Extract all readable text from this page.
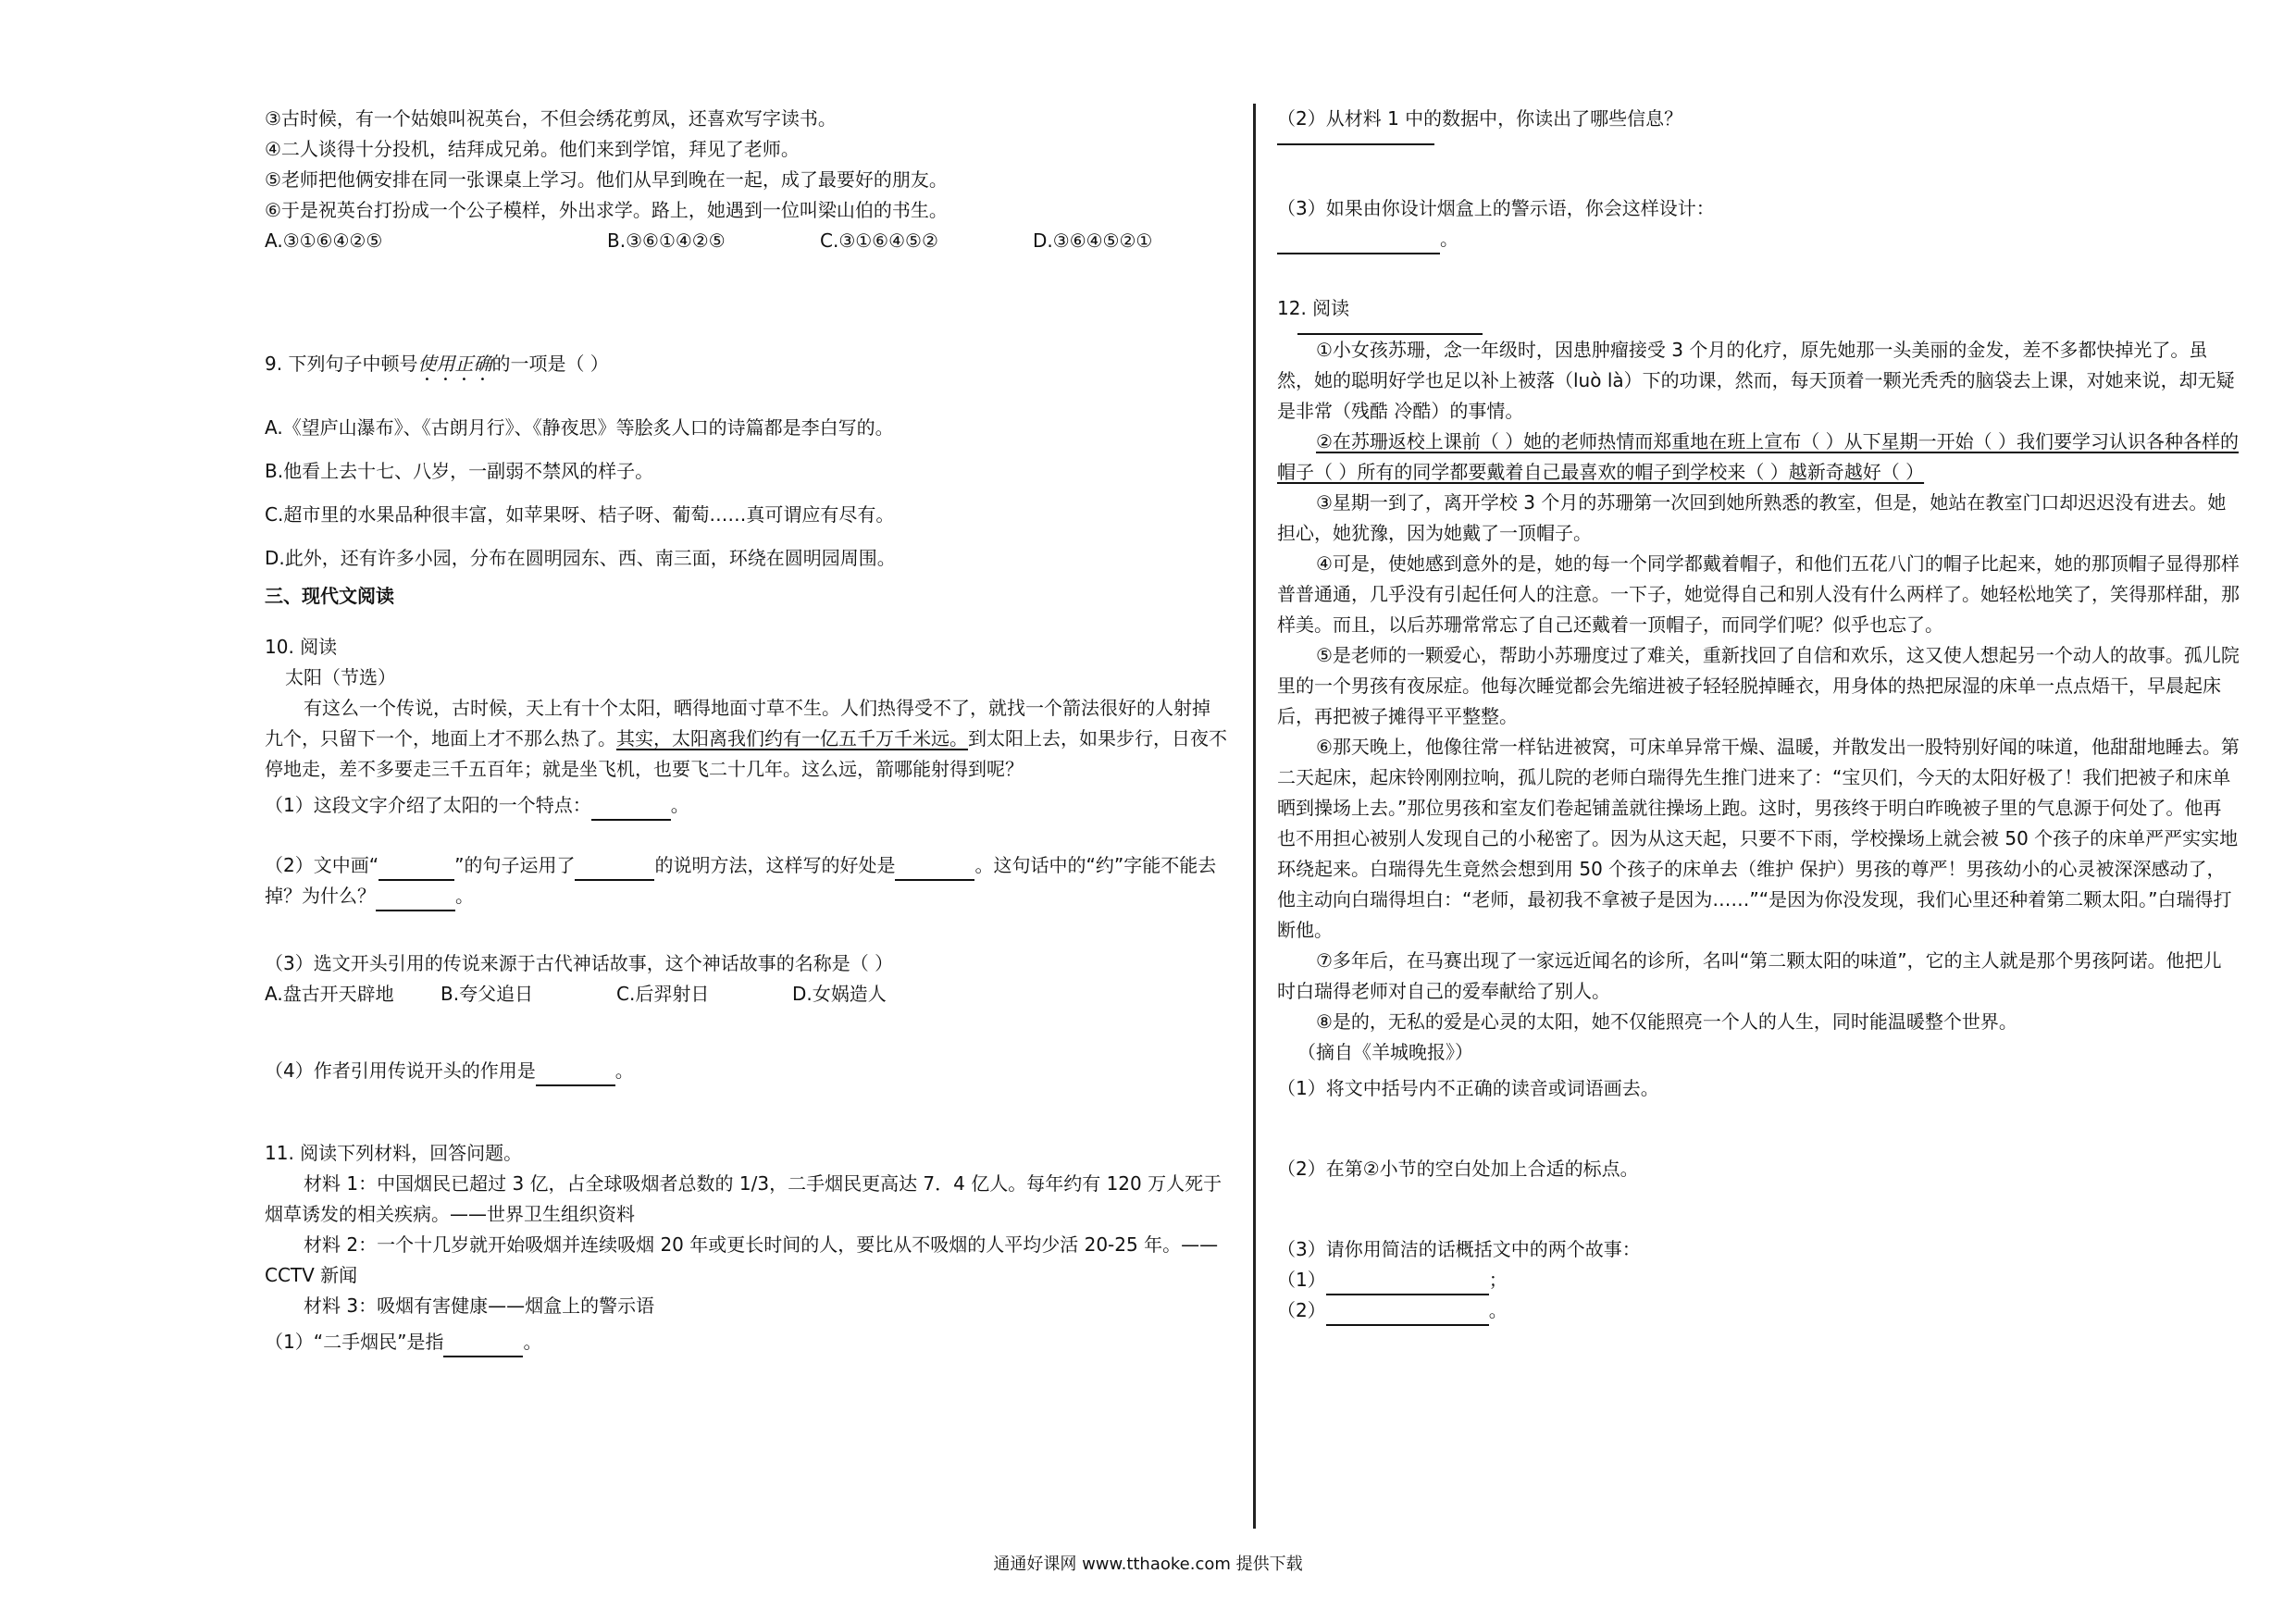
③古时候，有一个姑娘叫祝英台，不但会绣花剪凤，还喜欢写字读书。

④二人谈得十分投机，结拜成兄弟。他们来到学馆，拜见了老师。

⑤老师把他俩安排在同一张课桌上学习。他们从早到晚在一起，成了最要好的朋友。

⑥于是祝英台打扮成一个公子模样，外出求学。路上，她遇到一位叫梁山伯的书生。

A.③①⑥④②⑤	B.③⑥①④②⑤	C.③①⑥④⑤②	D.③⑥④⑤②①

9. 下列句子中顿号使用正确的一项是（ ）

A.《望庐山瀑布》、《古朗月行》、《静夜思》等脍炙人口的诗篇都是李白写的。

B.他看上去十七、八岁，一副弱不禁风的样子。

C.超市里的水果品种很丰富，如苹果呀、桔子呀、葡萄……真可谓应有尽有。

D.此外，还有许多小园，分布在圆明园东、西、南三面，环绕在圆明园周围。

三、现代文阅读

10. 阅读

太阳（节选）

有这么一个传说，古时候，天上有十个太阳，晒得地面寸草不生。人们热得受不了，就找一个箭法很好的人射掉九个，只留下一个，地面上才不那么热了。其实，太阳离我们约有一亿五千万千米远。到太阳上去，如果步行，日夜不停地走，差不多要走三千五百年；就是坐飞机，也要飞二十几年。这么远，箭哪能射得到呢？

（1）这段文字介绍了太阳的一个特点：	。

（2）文中画“	”的句子运用了	的说明方法，这样写的好处是	。这句话中的“约”字能不能去掉？为什么？	。

（3）选文开头引用的传说来源于古代神话故事，这个神话故事的名称是（ ）

A.盘古开天辟地	B.夸父追日	C.后羿射日	D.女娲造人

（4）作者引用传说开头的作用是	。

11. 阅读下列材料，回答问题。

材料 1：中国烟民已超过 3 亿，占全球吸烟者总数的 1/3，二手烟民更高达 7．4 亿人。每年约有 120 万人死于烟草诱发的相关疾病。——世界卫生组织资料

材料 2：一个十几岁就开始吸烟并连续吸烟 20 年或更长时间的人，要比从不吸烟的人平均少活 20-25 年。——CCTV 新闻

材料 3：吸烟有害健康——烟盒上的警示语

（1）“二手烟民”是指	。

（2）从材料 1 中的数据中，你读出了哪些信息？

（3）如果由你设计烟盒上的警示语，你会这样设计：

。

12. 阅读

①小女孩苏珊，念一年级时，因患肿瘤接受 3 个月的化疗，原先她那一头美丽的金发，差不多都快掉光了。虽然，她的聪明好学也足以补上被落（luò là）下的功课，然而，每天顶着一颗光秃秃的脑袋去上课，对她来说，却无疑是非常（残酷 冷酷）的事情。

②在苏珊返校上课前（ ）她的老师热情而郑重地在班上宣布（ ）从下星期一开始（ ）我们要学习认识各种各样的帽子（ ）所有的同学都要戴着自己最喜欢的帽子到学校来（ ）越新奇越好（ ）

③星期一到了，离开学校 3 个月的苏珊第一次回到她所熟悉的教室，但是，她站在教室门口却迟迟没有进去。她担心，她犹豫，因为她戴了一顶帽子。

④可是，使她感到意外的是，她的每一个同学都戴着帽子，和他们五花八门的帽子比起来，她的那顶帽子显得那样普普通通，几乎没有引起任何人的注意。一下子，她觉得自己和别人没有什么两样了。她轻松地笑了，笑得那样甜，那样美。而且，以后苏珊常常忘了自己还戴着一顶帽子，而同学们呢？似乎也忘了。

⑤是老师的一颗爱心，帮助小苏珊度过了难关，重新找回了自信和欢乐，这又使人想起另一个动人的故事。孤儿院里的一个男孩有夜尿症。他每次睡觉都会先缩进被子轻轻脱掉睡衣，用身体的热把尿湿的床单一点点焐干，早晨起床后，再把被子摊得平平整整。

⑥那天晚上，他像往常一样钻进被窝，可床单异常干燥、温暖，并散发出一股特别好闻的味道，他甜甜地睡去。第二天起床，起床铃刚刚拉响，孤儿院的老师白瑞得先生推门进来了：“宝贝们，今天的太阳好极了！我们把被子和床单晒到操场上去。”那位男孩和室友们卷起铺盖就往操场上跑。这时，男孩终于明白昨晚被子里的气息源于何处了。他再也不用担心被别人发现自己的小秘密了。因为从这天起，只要不下雨，学校操场上就会被 50 个孩子的床单严严实实地环绕起来。白瑞得先生竟然会想到用 50 个孩子的床单去（维护 保护）男孩的尊严！男孩幼小的心灵被深深感动了，他主动向白瑞得坦白：“老师，最初我不拿被子是因为……”“是因为你没发现，我们心里还种着第二颗太阳。”白瑞得打断他。

⑦多年后，在马赛出现了一家远近闻名的诊所，名叫“第二颗太阳的味道”，它的主人就是那个男孩阿诺。他把儿时白瑞得老师对自己的爱奉献给了别人。

⑧是的，无私的爱是心灵的太阳，她不仅能照亮一个人的人生，同时能温暖整个世界。

（摘自《羊城晚报》）

（1）将文中括号内不正确的读音或词语画去。

（2）在第②小节的空白处加上合适的标点。

（3）请你用简洁的话概括文中的两个故事：

（1）	；

（2）	。

通通好课网 www.tthaoke.com 提供下载
